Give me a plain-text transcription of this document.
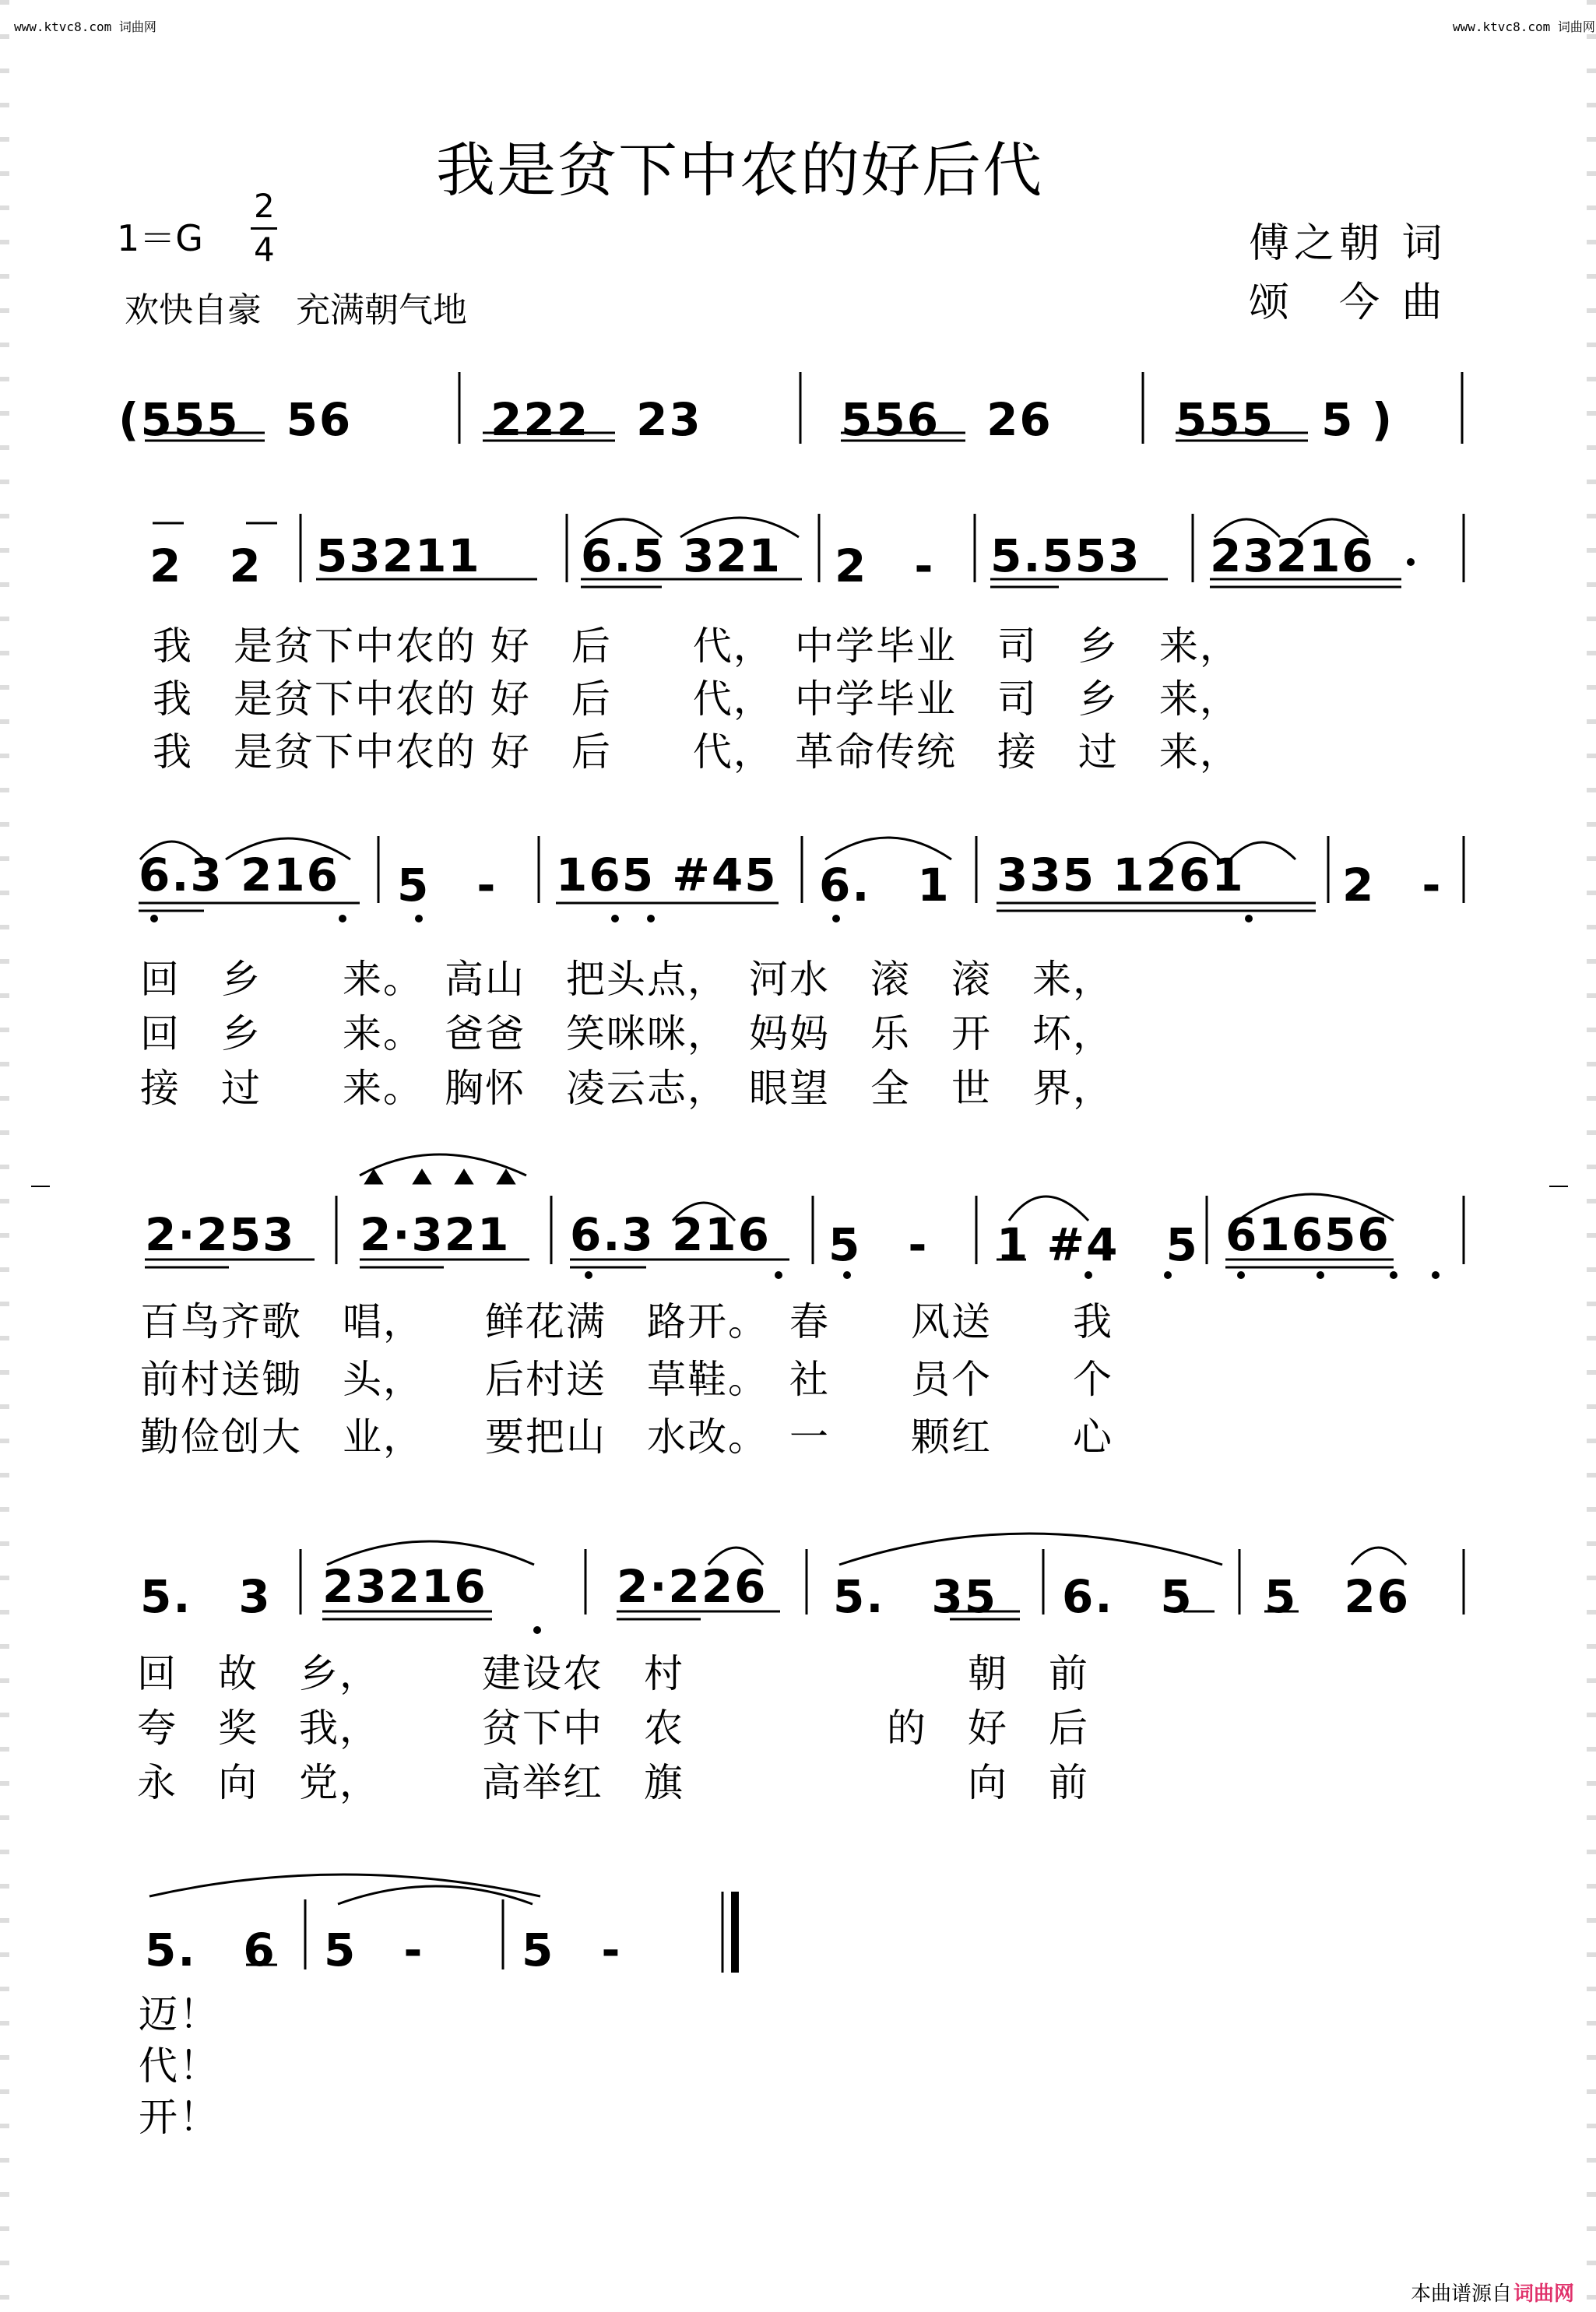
www.ktvc8.com 词曲网	www.ktvc8.com 词曲网
我是贫下中农的好后代
1＝G
2
4
欢快自豪　充满朝气地
傅之朝 词
颂　今 曲
(555　56	222　23	556　26	555　5 )
2　2 53211 6.5 321 2　- 5.553 23216
我　是贫下中农的 好　后　　代，　中学毕业　司　乡　来，
我　是贫下中农的 好　后　　代，　中学毕业　司　乡　来，
我　是贫下中农的 好　后　　代，　革命传统　接　过　来，
6.3 216 5　- 165 #45 6.　1 335 1261 2　-
回　乡　　来。　高山　把头点，　河水　滚　滚　来，
回　乡　　来。　爸爸　笑咪咪，　妈妈　乐　开　坏，
接　过　　来。　胸怀　凌云志，　眼望　全　世　界，
2·253 2·321 6.3 216 5　- 1 #4　5 61656
百鸟齐歌　唱，　　鲜花满　路开。　春　　风送　　我
前村送锄　头，　　后村送　草鞋。　社　　员个　　个
勤俭创大　业，　　要把山　水改。　一　　颗红　　心
5.　3 23216	2·226 5.　35 6.　5 5　26
回　故　乡，　　　建设农　村　　　　　　　朝　前
夸　奖　我，　　　贫下中　农　　　　　的　好　后
永　向　党，　　　高举红　旗　　　　　　　向　前
5.　6 5　- 5　-
迈！
代！
开！
本曲谱源自 词曲网
